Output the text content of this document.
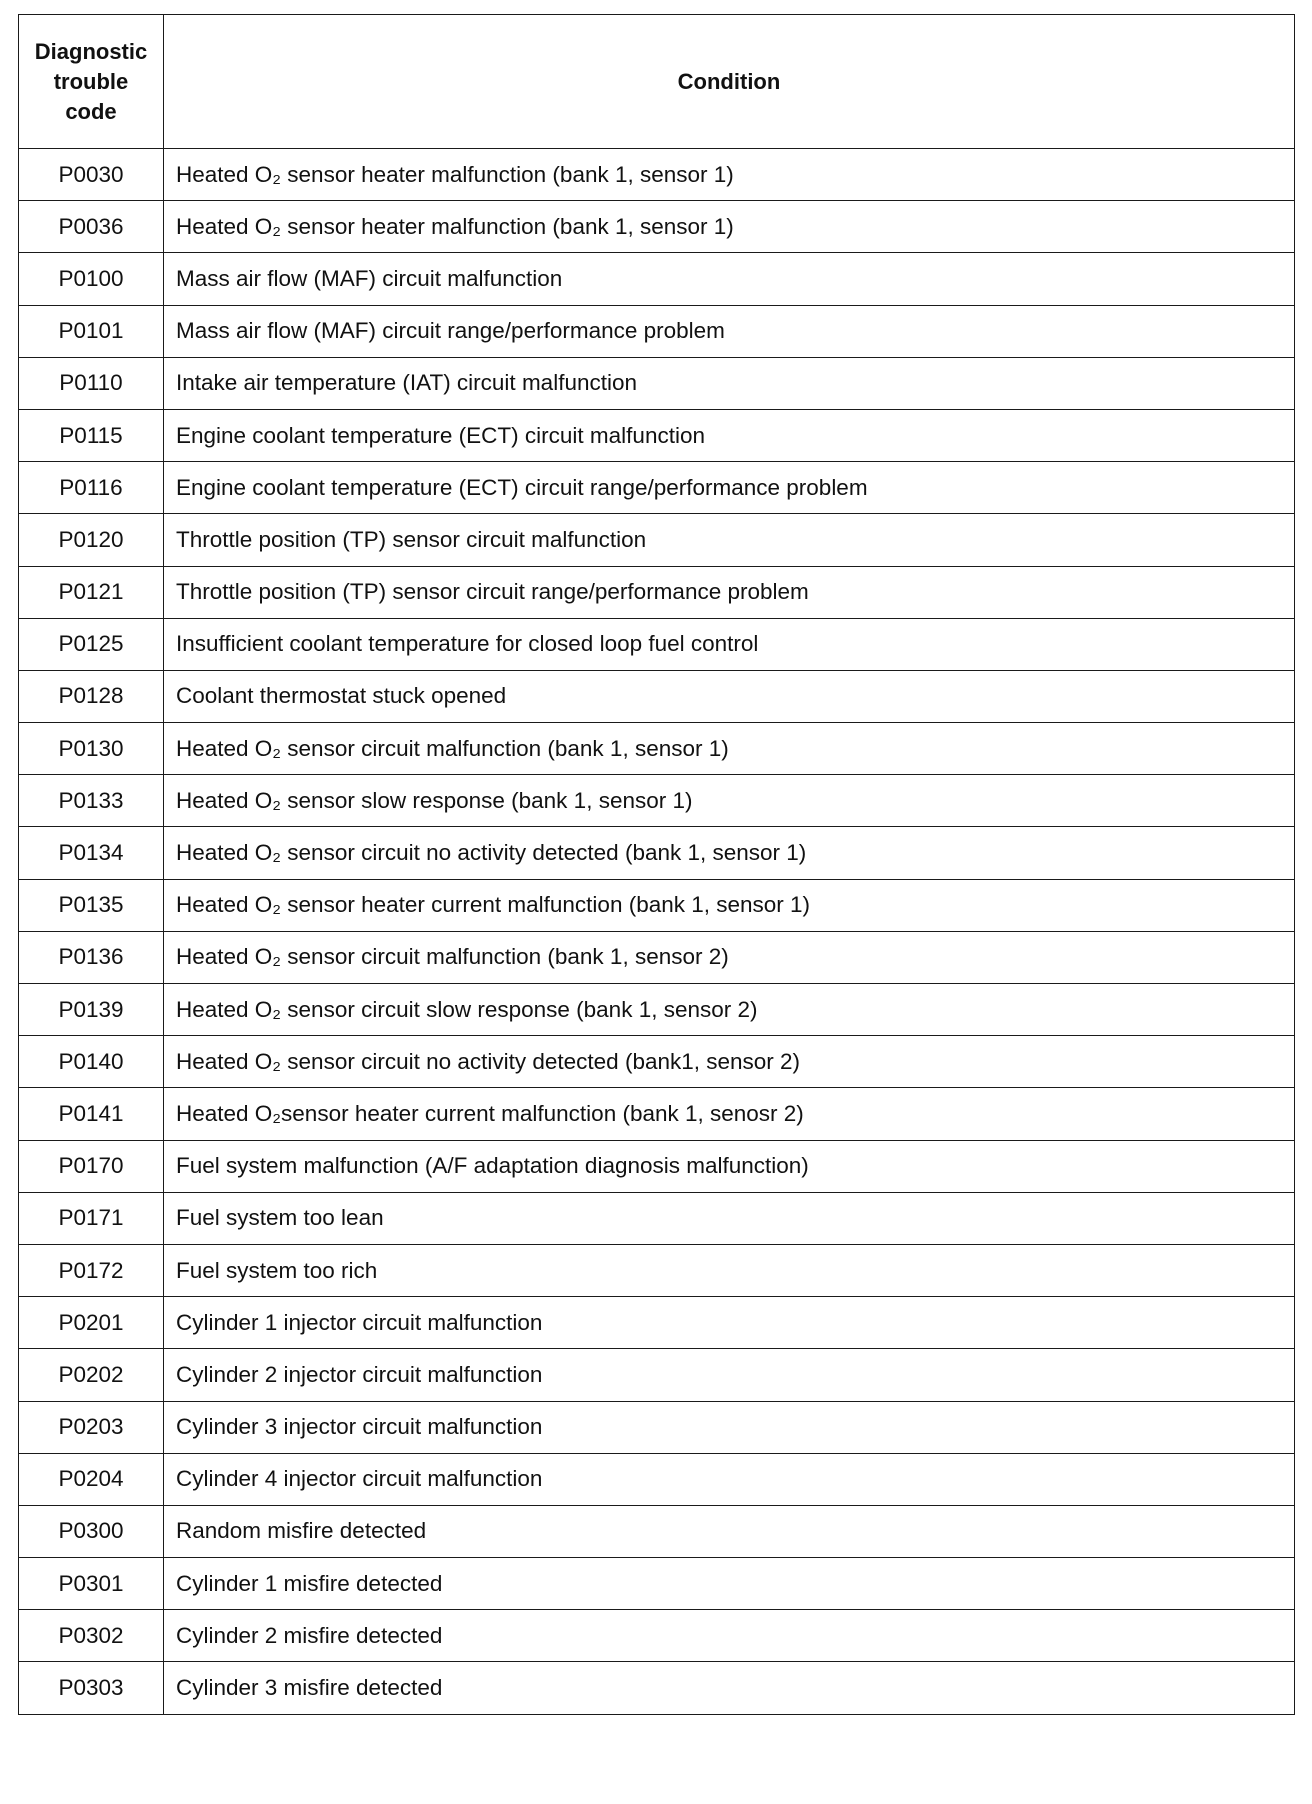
Diagnostic
trouble
code	Condition
P0030	Heated O₂ sensor heater malfunction (bank 1, sensor 1)
P0036	Heated O₂ sensor heater malfunction (bank 1, sensor 1)
P0100	Mass air flow (MAF) circuit malfunction
P0101	Mass air flow (MAF) circuit range/performance problem
P0110	Intake air temperature (IAT) circuit malfunction
P0115	Engine coolant temperature (ECT) circuit malfunction
P0116	Engine coolant temperature (ECT) circuit range/performance problem
P0120	Throttle position (TP) sensor circuit malfunction
P0121	Throttle position (TP) sensor circuit range/performance problem
P0125	Insufficient coolant temperature for closed loop fuel control
P0128	Coolant thermostat stuck opened
P0130	Heated O₂ sensor circuit malfunction (bank 1, sensor 1)
P0133	Heated O₂ sensor slow response (bank 1, sensor 1)
P0134	Heated O₂ sensor circuit no activity detected (bank 1, sensor 1)
P0135	Heated O₂ sensor heater current malfunction (bank 1, sensor 1)
P0136	Heated O₂ sensor circuit malfunction (bank 1, sensor 2)
P0139	Heated O₂ sensor circuit slow response (bank 1, sensor 2)
P0140	Heated O₂ sensor circuit no activity detected (bank1, sensor 2)
P0141	Heated O₂sensor heater current malfunction (bank 1, senosr 2)
P0170	Fuel system malfunction (A/F adaptation diagnosis malfunction)
P0171	Fuel system too lean
P0172	Fuel system too rich
P0201	Cylinder 1 injector circuit malfunction
P0202	Cylinder 2 injector circuit malfunction
P0203	Cylinder 3 injector circuit malfunction
P0204	Cylinder 4 injector circuit malfunction
P0300	Random misfire detected
P0301	Cylinder 1 misfire detected
P0302	Cylinder 2 misfire detected
P0303	Cylinder 3 misfire detected
